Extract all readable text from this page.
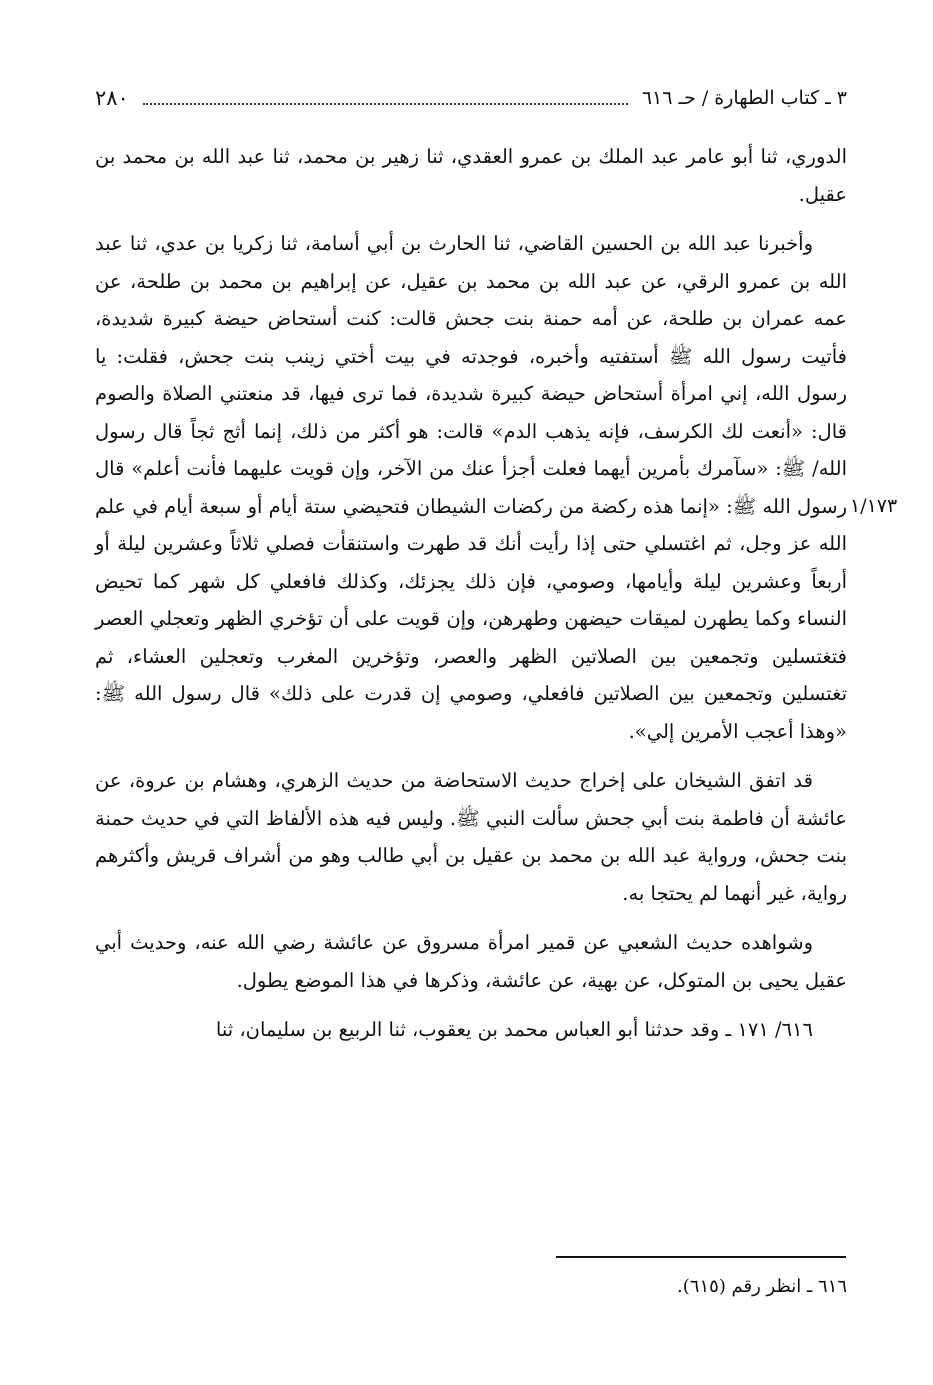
٣ ـ كتاب الطهارة / حـ ٦١٦
٢٨٠
١/١٧٣

الدوري، ثنا أبو عامر عبد الملك بن عمرو العقدي، ثنا زهير بن محمد، ثنا عبد الله بن محمد بن عقيل.

وأخبرنا عبد الله بن الحسين القاضي، ثنا الحارث بن أبي أسامة، ثنا زكريا بن عدي، ثنا عبد الله بن عمرو الرقي، عن عبد الله بن محمد بن عقيل، عن إبراهيم بن محمد بن طلحة، عن عمه عمران بن طلحة، عن أمه حمنة بنت جحش قالت: كنت أستحاض حيضة كبيرة شديدة، فأتيت رسول الله ﷺ أستفتيه وأخبره، فوجدته في بيت أختي زينب بنت جحش، فقلت: يا رسول الله، إني امرأة أستحاض حيضة كبيرة شديدة، فما ترى فيها، قد منعتني الصلاة والصوم قال: «أنعت لك الكرسف، فإنه يذهب الدم» قالت: هو أكثر من ذلك، إنما أثج ثجاً قال رسول الله/ ﷺ: «سآمرك بأمرين أيهما فعلت أجزأ عنك من الآخر، وإن قويت عليهما فأنت أعلم» قال رسول الله ﷺ: «إنما هذه ركضة من ركضات الشيطان فتحيضي ستة أيام أو سبعة أيام في علم الله عز وجل، ثم اغتسلي حتى إذا رأيت أنك قد طهرت واستنقأت فصلي ثلاثاً وعشرين ليلة أو أربعاً وعشرين ليلة وأيامها، وصومي، فإن ذلك يجزئك، وكذلك فافعلي كل شهر كما تحيض النساء وكما يطهرن لميقات حيضهن وطهرهن، وإن قويت على أن تؤخري الظهر وتعجلي العصر فتغتسلين وتجمعين بين الصلاتين الظهر والعصر، وتؤخرين المغرب وتعجلين العشاء، ثم تغتسلين وتجمعين بين الصلاتين فافعلي، وصومي إن قدرت على ذلك» قال رسول الله ﷺ: «وهذا أعجب الأمرين إلي».

قد اتفق الشيخان على إخراج حديث الاستحاضة من حديث الزهري، وهشام بن عروة، عن عائشة أن فاطمة بنت أبي جحش سألت النبي ﷺ. وليس فيه هذه الألفاظ التي في حديث حمنة بنت جحش، ورواية عبد الله بن محمد بن عقيل بن أبي طالب وهو من أشراف قريش وأكثرهم رواية، غير أنهما لم يحتجا به.

وشواهده حديث الشعبي عن قمير امرأة مسروق عن عائشة رضي الله عنه، وحديث أبي عقيل يحيى بن المتوكل، عن بهية، عن عائشة، وذكرها في هذا الموضع يطول.

٦١٦/ ١٧١ ـ وقد حدثنا أبو العباس محمد بن يعقوب، ثنا الربيع بن سليمان، ثنا

٦١٦ ـ انظر رقم (٦١٥).
